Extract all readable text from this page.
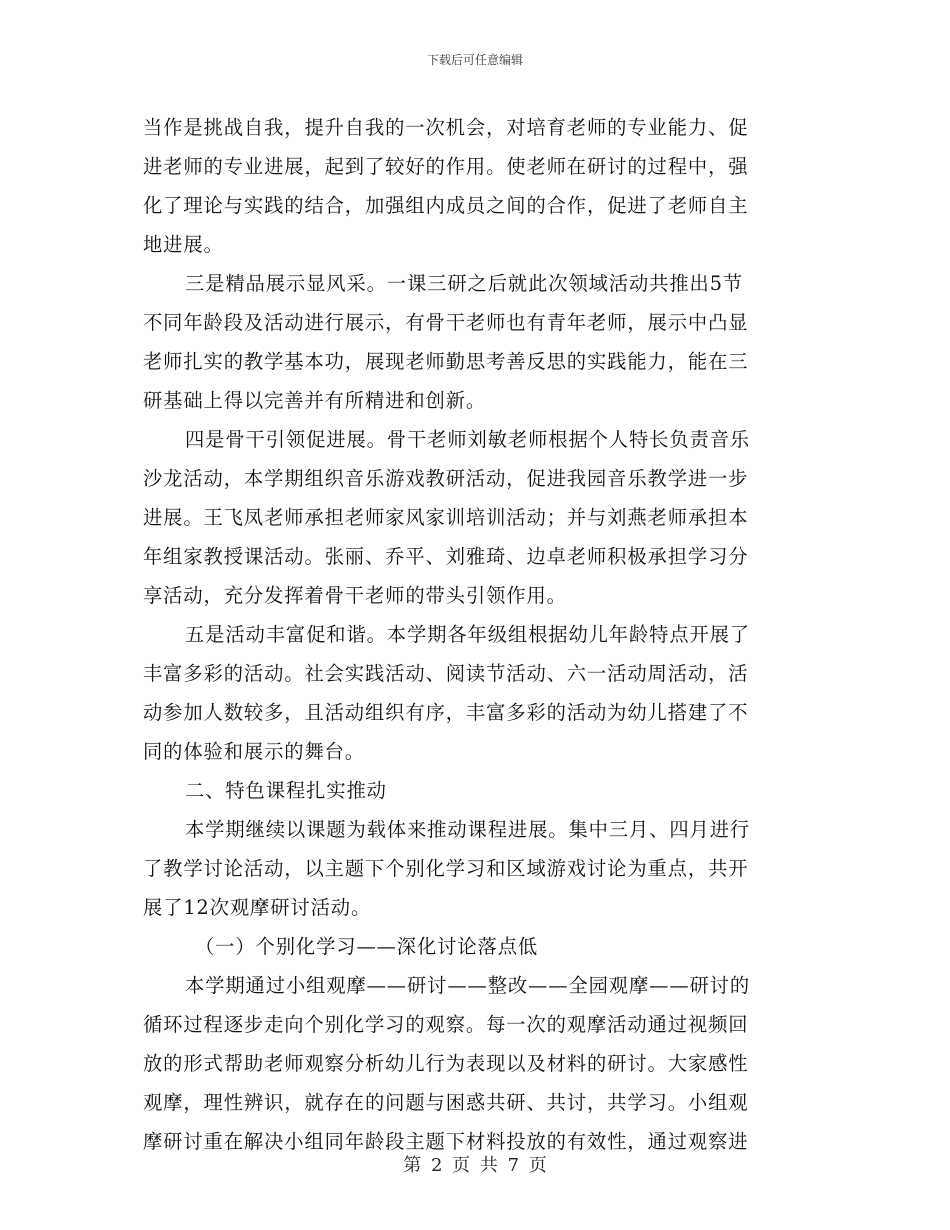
下载后可任意编辑
当作是挑战自我，提升自我的一次机会，对培育老师的专业能力、促
进老师的专业进展，起到了较好的作用。使老师在研讨的过程中，强
化了理论与实践的结合，加强组内成员之间的合作，促进了老师自主
地进展。
三是精品展示显风采。一课三研之后就此次领域活动共推出5节
不同年龄段及活动进行展示，有骨干老师也有青年老师，展示中凸显
老师扎实的教学基本功，展现老师勤思考善反思的实践能力，能在三
研基础上得以完善并有所精进和创新。
四是骨干引领促进展。骨干老师刘敏老师根据个人特长负责音乐
沙龙活动，本学期组织音乐游戏教研活动，促进我园音乐教学进一步
进展。王飞凤老师承担老师家风家训培训活动；并与刘燕老师承担本
年组家教授课活动。张丽、乔平、刘雅琦、边卓老师积极承担学习分
享活动，充分发挥着骨干老师的带头引领作用。
五是活动丰富促和谐。本学期各年级组根据幼儿年龄特点开展了
丰富多彩的活动。社会实践活动、阅读节活动、六一活动周活动，活
动参加人数较多，且活动组织有序，丰富多彩的活动为幼儿搭建了不
同的体验和展示的舞台。
二、特色课程扎实推动
本学期继续以课题为载体来推动课程进展。集中三月、四月进行
了教学讨论活动，以主题下个别化学习和区域游戏讨论为重点，共开
展了12次观摩研讨活动。
（一）个别化学习——深化讨论落点低
本学期通过小组观摩——研讨——整改——全园观摩——研讨的
循环过程逐步走向个别化学习的观察。每一次的观摩活动通过视频回
放的形式帮助老师观察分析幼儿行为表现以及材料的研讨。大家感性
观摩，理性辨识，就存在的问题与困惑共研、共讨，共学习。小组观
摩研讨重在解决小组同年龄段主题下材料投放的有效性，通过观察进
第 2 页 共 7 页
